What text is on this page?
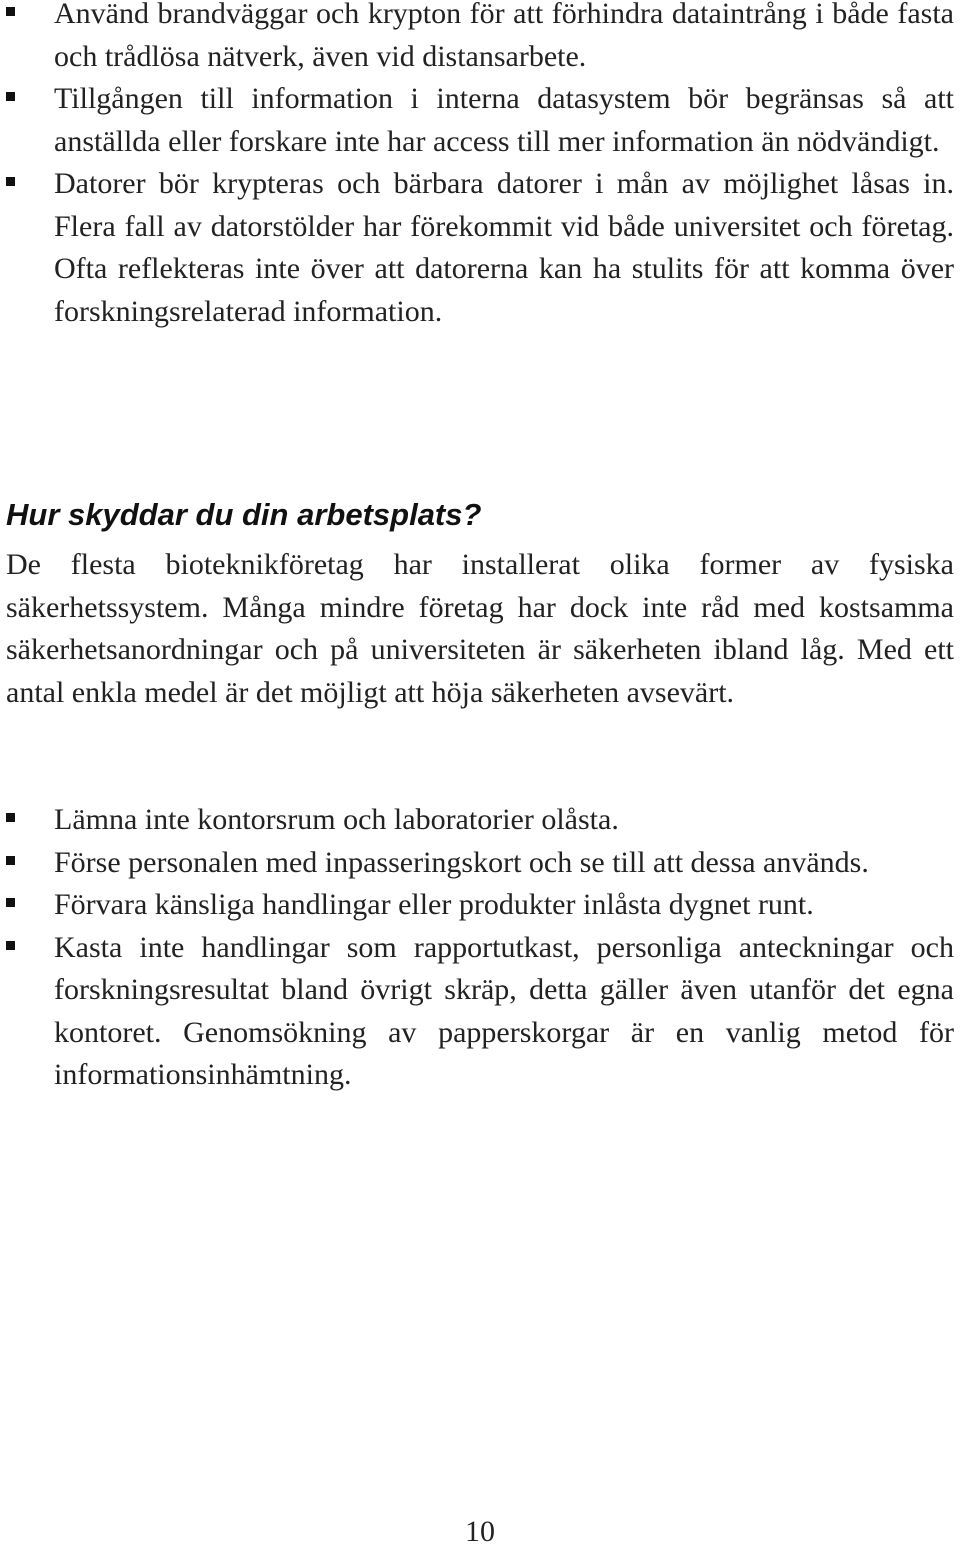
Använd brandväggar och krypton för att förhindra dataintrång i både fasta och trådlösa nätverk, även vid distansarbete.
Tillgången till information i interna datasystem bör begränsas så att anställda eller forskare inte har access till mer information än nödvändigt.
Datorer bör krypteras och bärbara datorer i mån av möjlighet låsas in. Flera fall av datorstölder har förekommit vid både universitet och företag. Ofta reflekteras inte över att datorerna kan ha stulits för att komma över forskningsrelaterad information.
Hur skyddar du din arbetsplats?

De flesta bioteknikföretag har installerat olika former av fysiska säkerhetssystem. Många mindre företag har dock inte råd med kostsamma säkerhetsanordningar och på universiteten är säkerheten ibland låg. Med ett antal enkla medel är det möjligt att höja säkerheten avsevärt.

Lämna inte kontorsrum och laboratorier olåsta.
Förse personalen med inpasseringskort och se till att dessa används.
Förvara känsliga handlingar eller produkter inlåsta dygnet runt.
Kasta inte handlingar som rapportutkast, personliga anteckningar och forskningsresultat bland övrigt skräp, detta gäller även utanför det egna kontoret. Genomsökning av papperskorgar är en vanlig metod för informationsinhämtning.
10
